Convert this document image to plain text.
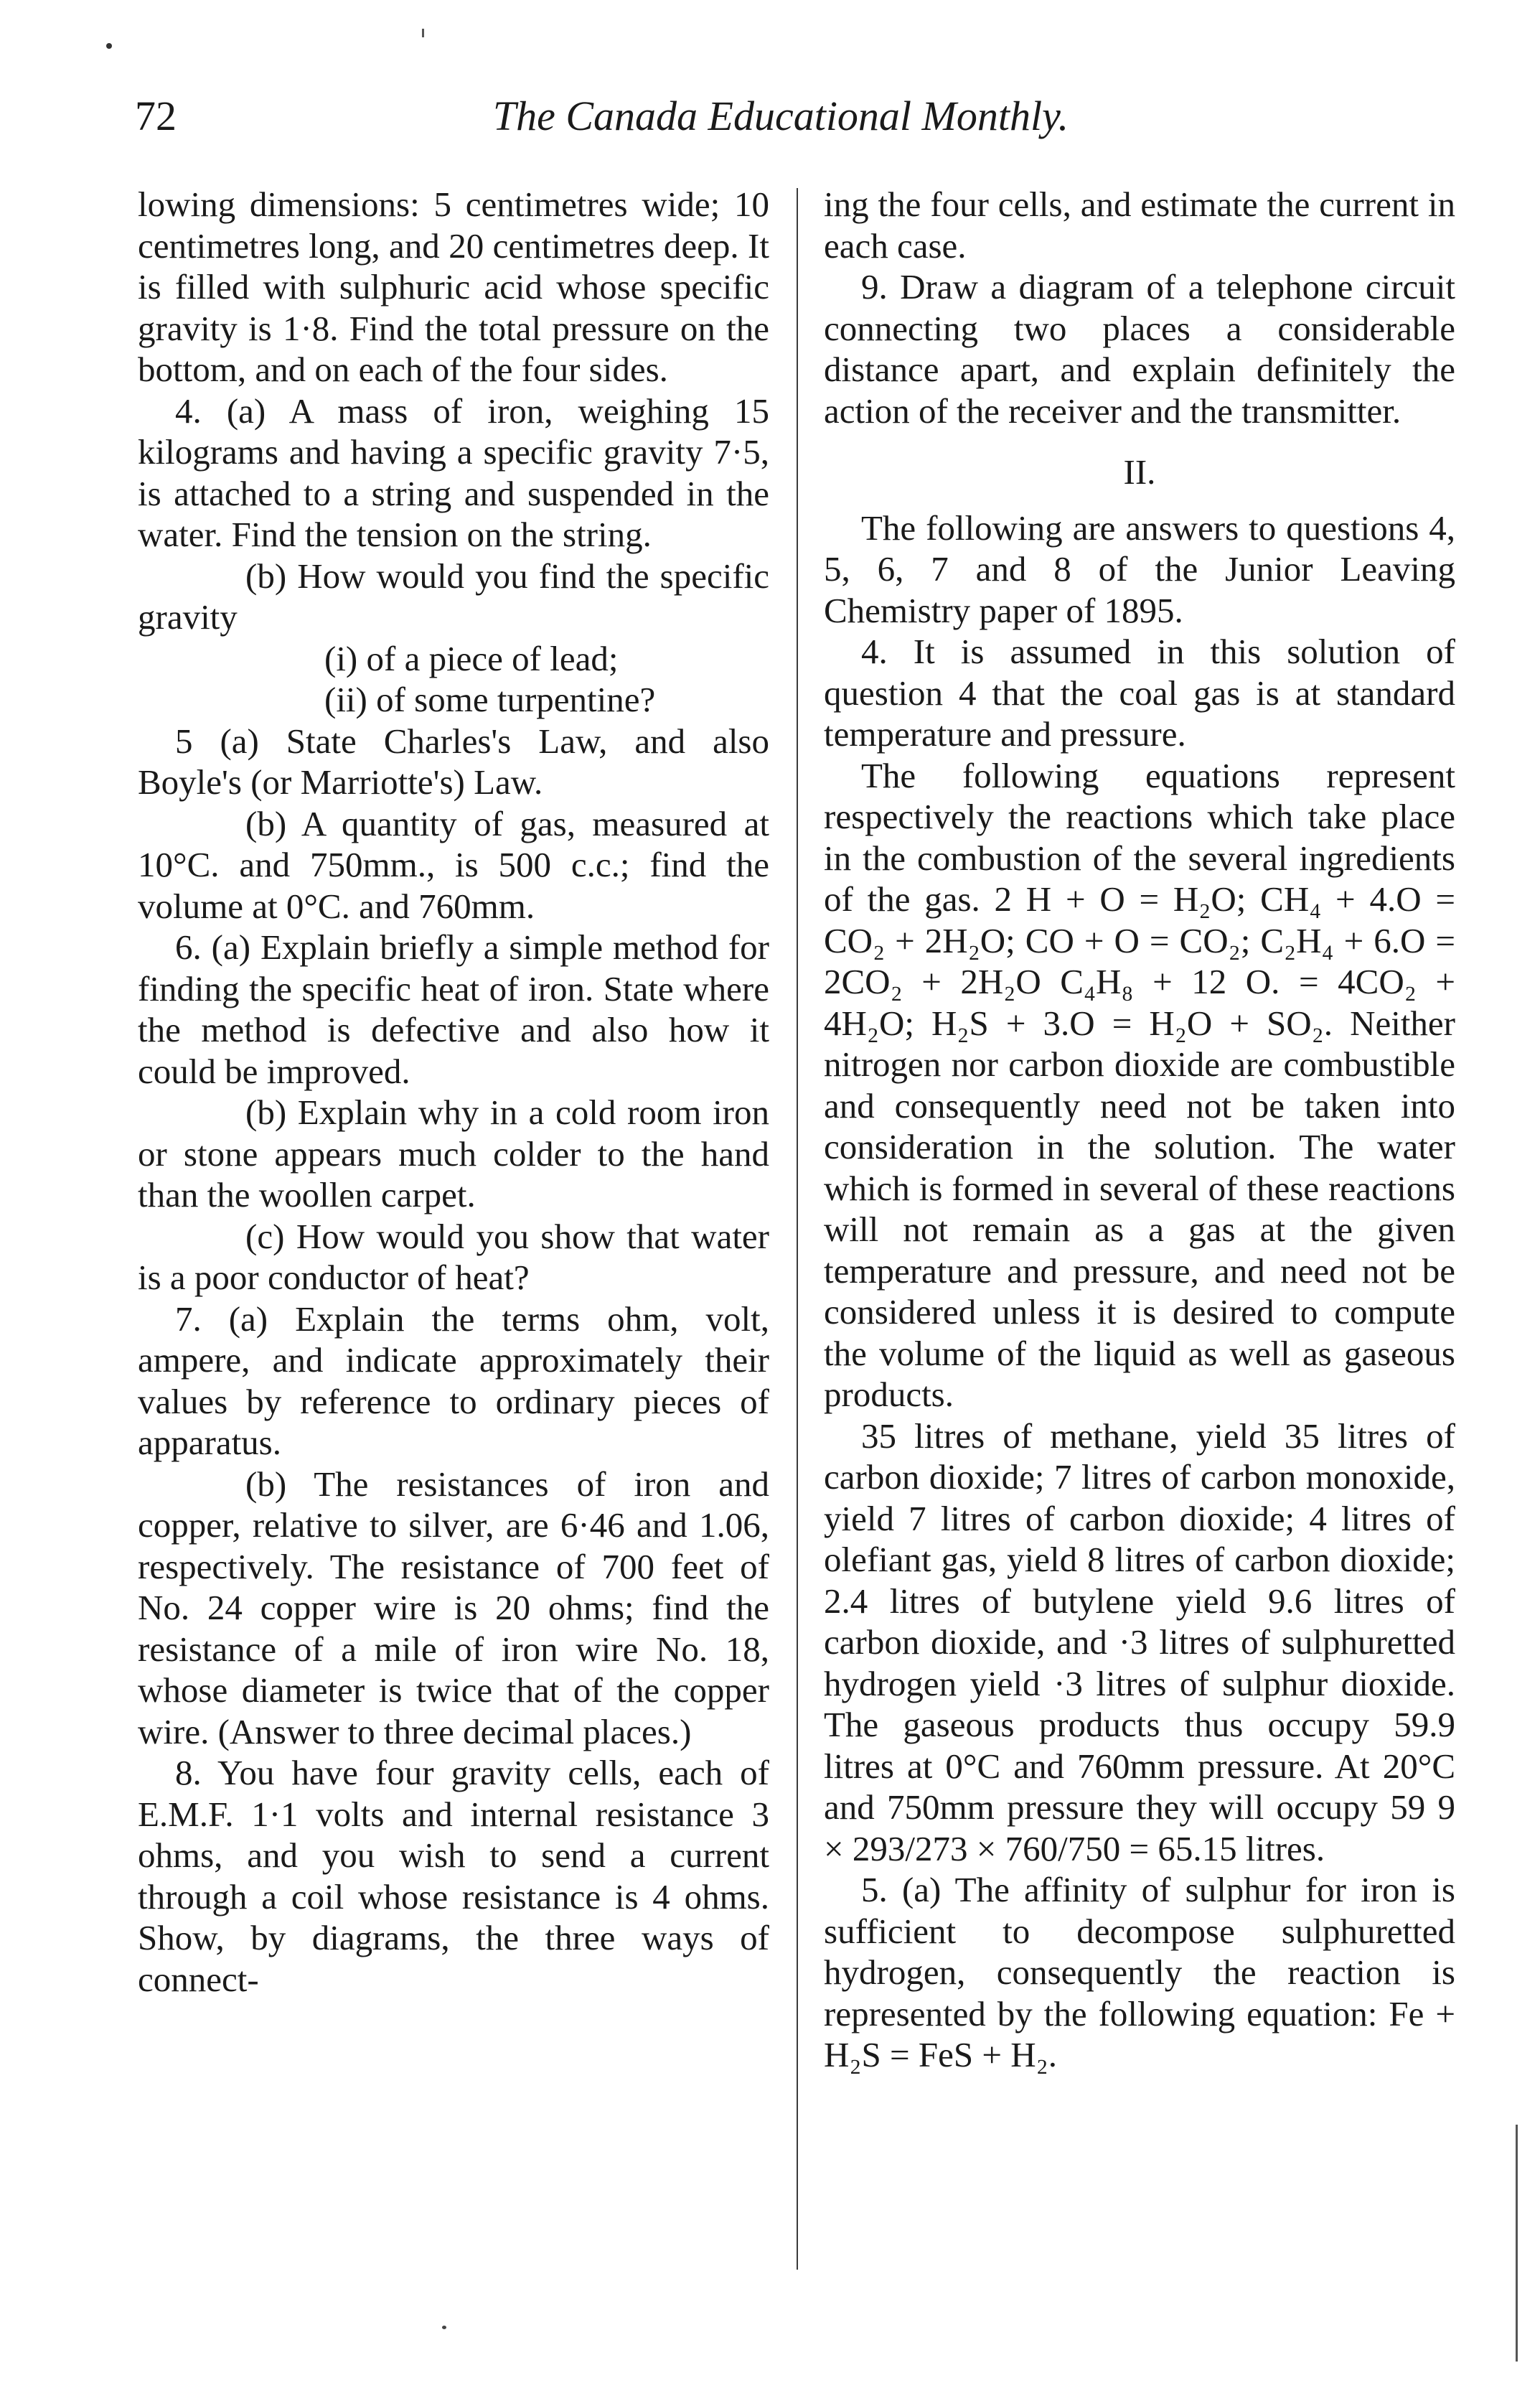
72	The Canada Educational Monthly.

lowing dimensions: 5 centimetres wide; 10 centimetres long, and 20 centimetres deep. It is filled with sulphuric acid whose specific gravity is 1·8. Find the total pressure on the bottom, and on each of the four sides.

4. (a) A mass of iron, weighing 15 kilograms and having a specific gravity 7·5, is attached to a string and suspended in the water. Find the tension on the string.

(b) How would you find the specific gravity

(i) of a piece of lead;

(ii) of some turpentine?

5 (a) State Charles's Law, and also Boyle's (or Marriotte's) Law.

(b) A quantity of gas, measured at 10°C. and 750mm., is 500 c.c.; find the volume at 0°C. and 760mm.

6. (a) Explain briefly a simple method for finding the specific heat of iron. State where the method is defective and also how it could be improved.

(b) Explain why in a cold room iron or stone appears much colder to the hand than the woollen carpet.

(c) How would you show that water is a poor conductor of heat?

7. (a) Explain the terms ohm, volt, ampere, and indicate approximately their values by reference to ordinary pieces of apparatus.

(b) The resistances of iron and copper, relative to silver, are 6·46 and 1.06, respectively. The resistance of 700 feet of No. 24 copper wire is 20 ohms; find the resistance of a mile of iron wire No. 18, whose diameter is twice that of the copper wire. (Answer to three decimal places.)

8. You have four gravity cells, each of E.M.F. 1·1 volts and internal resistance 3 ohms, and you wish to send a current through a coil whose resistance is 4 ohms. Show, by diagrams, the three ways of connect-

ing the four cells, and estimate the current in each case.

9. Draw a diagram of a telephone circuit connecting two places a considerable distance apart, and explain definitely the action of the receiver and the transmitter.

II.

The following are answers to questions 4, 5, 6, 7 and 8 of the Junior Leaving Chemistry paper of 1895.

4. It is assumed in this solution of question 4 that the coal gas is at standard temperature and pressure.

The following equations represent respectively the reactions which take place in the combustion of the several ingredients of the gas. 2 H + O = H₂O; CH₄ + 4.O = CO₂ + 2H₂O; CO + O = CO₂; C₂H₄ + 6.O = 2CO₂ + 2H₂O C₄H₈ + 12 O. = 4CO₂ + 4H₂O; H₂S + 3.O = H₂O + SO₂. Neither nitrogen nor carbon dioxide are combustible and consequently need not be taken into consideration in the solution. The water which is formed in several of these reactions will not remain as a gas at the given temperature and pressure, and need not be considered unless it is desired to compute the volume of the liquid as well as gaseous products.

35 litres of methane, yield 35 litres of carbon dioxide; 7 litres of carbon monoxide, yield 7 litres of carbon dioxide; 4 litres of olefiant gas, yield 8 litres of carbon dioxide; 2.4 litres of butylene yield 9.6 litres of carbon dioxide, and ·3 litres of sulphuretted hydrogen yield ·3 litres of sulphur dioxide. The gaseous products thus occupy 59.9 litres at 0°C and 760mm pressure. At 20°C and 750mm pressure they will occupy 59 9 × 293/273 × 760/750 = 65.15 litres.

5. (a) The affinity of sulphur for iron is sufficient to decompose sulphuretted hydrogen, consequently the reaction is represented by the following equation: Fe + H₂S = FeS + H₂.
